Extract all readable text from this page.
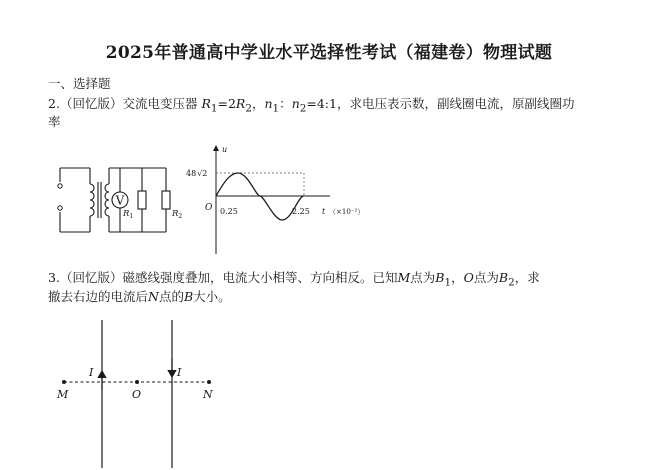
2025年普通高中学业水平选择性考试（福建卷）物理试题
一、选择题
2.（回忆版）交流电变压器 $R_1=2R_2$，$n_1$：$n_2=4:1$，求电压表示数，副线圈电流，原副线圈功
率
V
$R_1$	$R_2$
u
48√2
O 0.25	2.25 t （×10⁻²）
3.（回忆版）磁感线强度叠加，电流大小相等、方向相反。已知M点为$B_1$，O点为$B_2$，求
撤去右边的电流后N点的B大小。
I	I
M	O	N
